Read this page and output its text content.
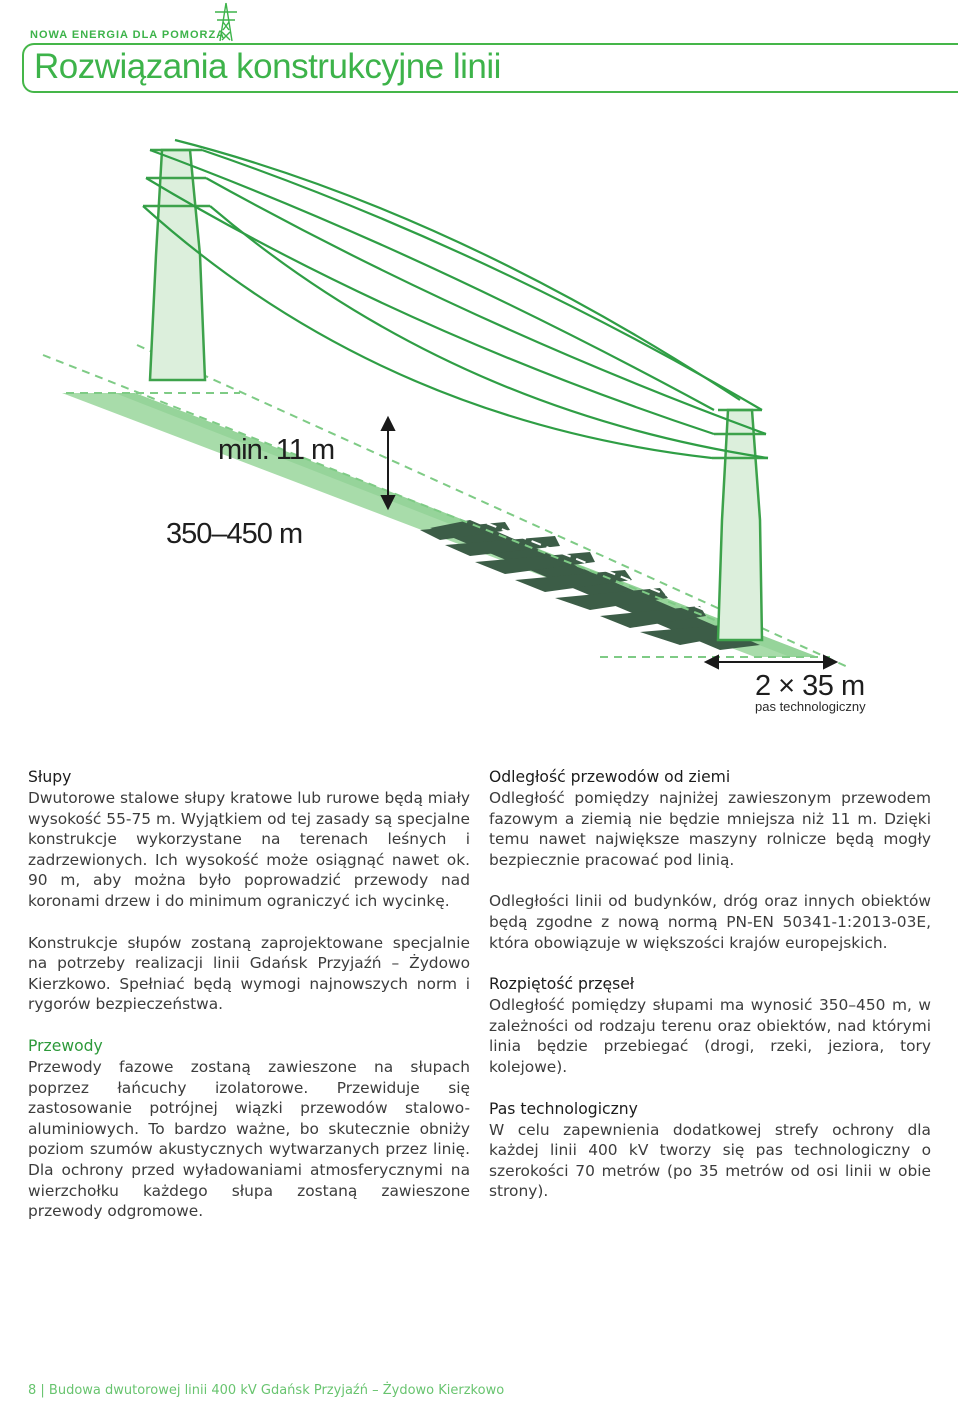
NOWA ENERGIA DLA POMORZA
Rozwiązania konstrukcyjne linii
min. 11 m
350–450 m
2 × 35 m
pas technologiczny
Słupy

Dwutorowe stalowe słupy kratowe lub rurowe będą miały wysokość 55-75 m. Wyjątkiem od tej zasady są specjalne konstrukcje wykorzystane na terenach leśnych i zadrzewionych. Ich wysokość może osiągnąć nawet ok. 90 m, aby można było poprowadzić przewody nad koronami drzew i do minimum ograniczyć ich wycinkę.

Konstrukcje słupów zostaną zaprojektowane specjalnie na potrzeby realizacji linii Gdańsk Przyjaźń – Żydowo Kierzkowo. Spełniać będą wymogi najnowszych norm i rygorów bezpieczeństwa.

Przewody

Przewody fazowe zostaną zawieszone na słupach poprzez łańcuchy izolatorowe. Przewiduje się zastosowanie potrójnej wiązki przewodów stalowo-aluminiowych. To bardzo ważne, bo skutecznie obniży poziom szumów akustycznych wytwarzanych przez linię. Dla ochrony przed wyładowaniami atmosferycznymi na wierzchołku każdego słupa zostaną zawieszone przewody odgromowe.

Odległość przewodów od ziemi

Odległość pomiędzy najniżej zawieszonym przewodem fazowym a ziemią nie będzie mniejsza niż 11 m. Dzięki temu nawet największe maszyny rolnicze będą mogły bezpiecznie pracować pod linią.

Odległości linii od budynków, dróg oraz innych obiektów będą zgodne z nową normą PN-EN 50341-1:2013-03E, która obowiązuje w większości krajów europejskich.

Rozpiętość przęseł

Odległość pomiędzy słupami ma wynosić 350–450 m, w zależności od rodzaju terenu oraz obiektów, nad którymi linia będzie przebiegać (drogi, rzeki, jeziora, tory kolejowe).

Pas technologiczny

W celu zapewnienia dodatkowej strefy ochrony dla każdej linii 400 kV tworzy się pas technologiczny o szerokości 70 metrów (po 35 metrów od osi linii w obie strony).

8 | Budowa dwutorowej linii 400 kV Gdańsk Przyjaźń – Żydowo Kierzkowo
